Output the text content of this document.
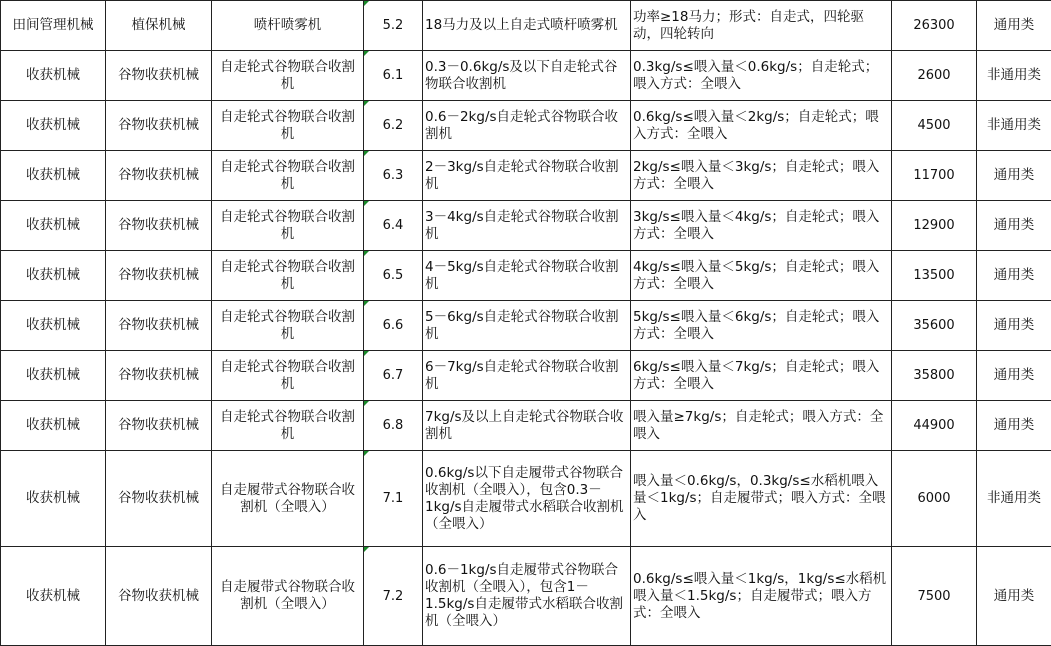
田间管理机械	植保机械	喷杆喷雾机	5.2	18马力及以上自走式喷杆喷雾机	功率≥18马力；形式：自走式，四轮驱动，四轮转向	26300	通用类
收获机械	谷物收获机械	自走轮式谷物联合收割机	6.1	0.3－0.6kg/s及以下自走轮式谷物联合收割机	0.3kg/s≤喂入量＜0.6kg/s；自走轮式；喂入方式：全喂入	2600	非通用类
收获机械	谷物收获机械	自走轮式谷物联合收割机	6.2	0.6－2kg/s自走轮式谷物联合收割机	0.6kg/s≤喂入量＜2kg/s；自走轮式；喂入方式：全喂入	4500	非通用类
收获机械	谷物收获机械	自走轮式谷物联合收割机	6.3	2－3kg/s自走轮式谷物联合收割机	2kg/s≤喂入量＜3kg/s；自走轮式；喂入方式：全喂入	11700	通用类
收获机械	谷物收获机械	自走轮式谷物联合收割机	6.4	3－4kg/s自走轮式谷物联合收割机	3kg/s≤喂入量＜4kg/s；自走轮式；喂入方式：全喂入	12900	通用类
收获机械	谷物收获机械	自走轮式谷物联合收割机	6.5	4－5kg/s自走轮式谷物联合收割机	4kg/s≤喂入量＜5kg/s；自走轮式；喂入方式：全喂入	13500	通用类
收获机械	谷物收获机械	自走轮式谷物联合收割机	6.6	5－6kg/s自走轮式谷物联合收割机	5kg/s≤喂入量＜6kg/s；自走轮式；喂入方式：全喂入	35600	通用类
收获机械	谷物收获机械	自走轮式谷物联合收割机	6.7	6－7kg/s自走轮式谷物联合收割机	6kg/s≤喂入量＜7kg/s；自走轮式；喂入方式：全喂入	35800	通用类
收获机械	谷物收获机械	自走轮式谷物联合收割机	6.8	7kg/s及以上自走轮式谷物联合收割机	喂入量≥7kg/s；自走轮式；喂入方式：全喂入	44900	通用类
收获机械	谷物收获机械	自走履带式谷物联合收割机（全喂入）	7.1	0.6kg/s以下自走履带式谷物联合收割机（全喂入），包含0.3－1kg/s自走履带式水稻联合收割机（全喂入）	喂入量＜0.6kg/s，0.3kg/s≤水稻机喂入量＜1kg/s；自走履带式；喂入方式：全喂入	6000	非通用类
收获机械	谷物收获机械	自走履带式谷物联合收割机（全喂入）	7.2	0.6－1kg/s自走履带式谷物联合收割机（全喂入），包含1－1.5kg/s自走履带式水稻联合收割机（全喂入）	0.6kg/s≤喂入量＜1kg/s，1kg/s≤水稻机喂入量＜1.5kg/s；自走履带式；喂入方式：全喂入	7500	通用类
